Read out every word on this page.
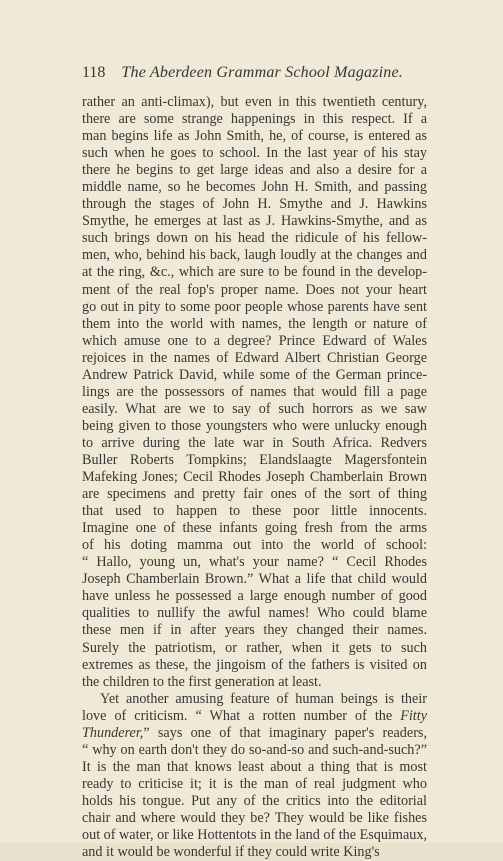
118 The Aberdeen Grammar School Magazine.
rather an anti-climax), but even in this twentieth century,
there are some strange happenings in this respect. If a
man begins life as John Smith, he, of course, is entered as
such when he goes to school. In the last year of his stay
there he begins to get large ideas and also a desire for a
middle name, so he becomes John H. Smith, and passing
through the stages of John H. Smythe and J. Hawkins
Smythe, he emerges at last as J. Hawkins-Smythe, and as
such brings down on his head the ridicule of his fellow-
men, who, behind his back, laugh loudly at the changes and
at the ring, &c., which are sure to be found in the develop-
ment of the real fop's proper name. Does not your heart
go out in pity to some poor people whose parents have sent
them into the world with names, the length or nature of
which amuse one to a degree? Prince Edward of Wales
rejoices in the names of Edward Albert Christian George
Andrew Patrick David, while some of the German prince-
lings are the possessors of names that would fill a page
easily. What are we to say of such horrors as we saw
being given to those youngsters who were unlucky enough
to arrive during the late war in South Africa. Redvers
Buller Roberts Tompkins; Elandslaagte Magersfontein
Mafeking Jones; Cecil Rhodes Joseph Chamberlain Brown
are specimens and pretty fair ones of the sort of thing
that used to happen to these poor little innocents.
Imagine one of these infants going fresh from the arms
of his doting mamma out into the world of school:
“ Hallo, young un, what's your name? “ Cecil Rhodes
Joseph Chamberlain Brown.” What a life that child would
have unless he possessed a large enough number of good
qualities to nullify the awful names! Who could blame
these men if in after years they changed their names.
Surely the patriotism, or rather, when it gets to such
extremes as these, the jingoism of the fathers is visited on
the children to the first generation at least.
Yet another amusing feature of human beings is their
love of criticism. “ What a rotten number of the Fitty
Thunderer,” says one of that imaginary paper's readers,
“ why on earth don't they do so-and-so and such-and-such?”
It is the man that knows least about a thing that is most
ready to criticise it; it is the man of real judgment who
holds his tongue. Put any of the critics into the editorial
chair and where would they be? They would be like fishes
out of water, or like Hottentots in the land of the Esquimaux,
and it would be wonderful if they could write King's
